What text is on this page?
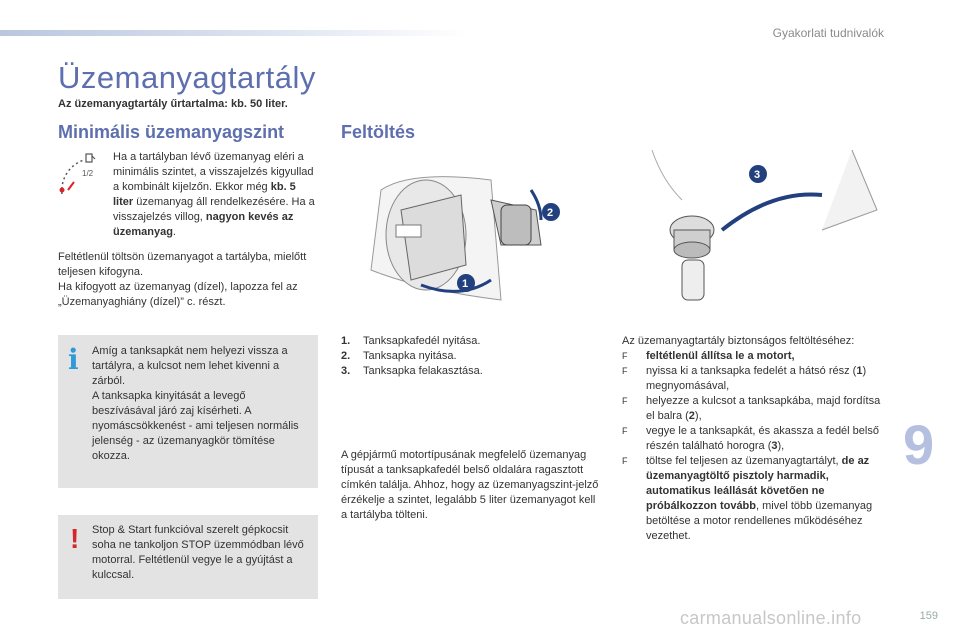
Gyakorlati tudnivalók
Üzemanyagtartály
Az üzemanyagtartály űrtartalma: kb. 50 liter.
Minimális üzemanyagszint	Feltöltés
1/2
Ha a tartályban lévő üzemanyag eléri a minimális szintet, a visszajelzés kigyullad a kombinált kijelzőn. Ekkor még kb. 5 liter üzemanyag áll rendelkezésére. Ha a visszajelzés villog, nagyon kevés az üzemanyag.
Feltétlenül töltsön üzemanyagot a tartályba, mielőtt teljesen kifogyna.
Ha kifogyott az üzemanyag (dízel), lapozza fel az „Üzemanyaghiány (dízel)” c. részt.
i Amíg a tanksapkát nem helyezi vissza a tartályra, a kulcsot nem lehet kivenni a zárból.
A tanksapka kinyitását a levegő beszívásával járó zaj kísérheti. A nyomáscsökkenést - ami teljesen normális jelenség - az üzemanyagkör tömítése okozza.
! Stop & Start funkcióval szerelt gépkocsit soha ne tankoljon STOP üzemmódban lévő motorral. Feltétlenül vegye le a gyújtást a kulccsal.
1
2
3
1.	Tanksapkafedél nyitása.
2.	Tanksapka nyitása.
3.	Tanksapka felakasztása.
A gépjármű motortípusának megfelelő üzemanyag típusát a tanksapkafedél belső oldalára ragasztott címkén találja. Ahhoz, hogy az üzemanyagszint-jelző érzékelje a szintet, legalább 5 liter üzemanyagot kell a tartályba tölteni.
Az üzemanyagtartály biztonságos feltöltéséhez:
F	feltétlenül állítsa le a motort,
F	nyissa ki a tanksapka fedelét a hátsó rész (1) megnyomásával,
F	helyezze a kulcsot a tanksapkába, majd fordítsa el balra (2),
F	vegye le a tanksapkát, és akassza a fedél belső részén található horogra (3),
F	töltse fel teljesen az üzemanyagtartályt, de az üzemanyagtöltő pisztoly harmadik, automatikus leállását követően ne próbálkozzon tovább, mivel több üzemanyag betöltése a motor rendellenes működéséhez vezethet.
9
carmanualsonline.info	159
